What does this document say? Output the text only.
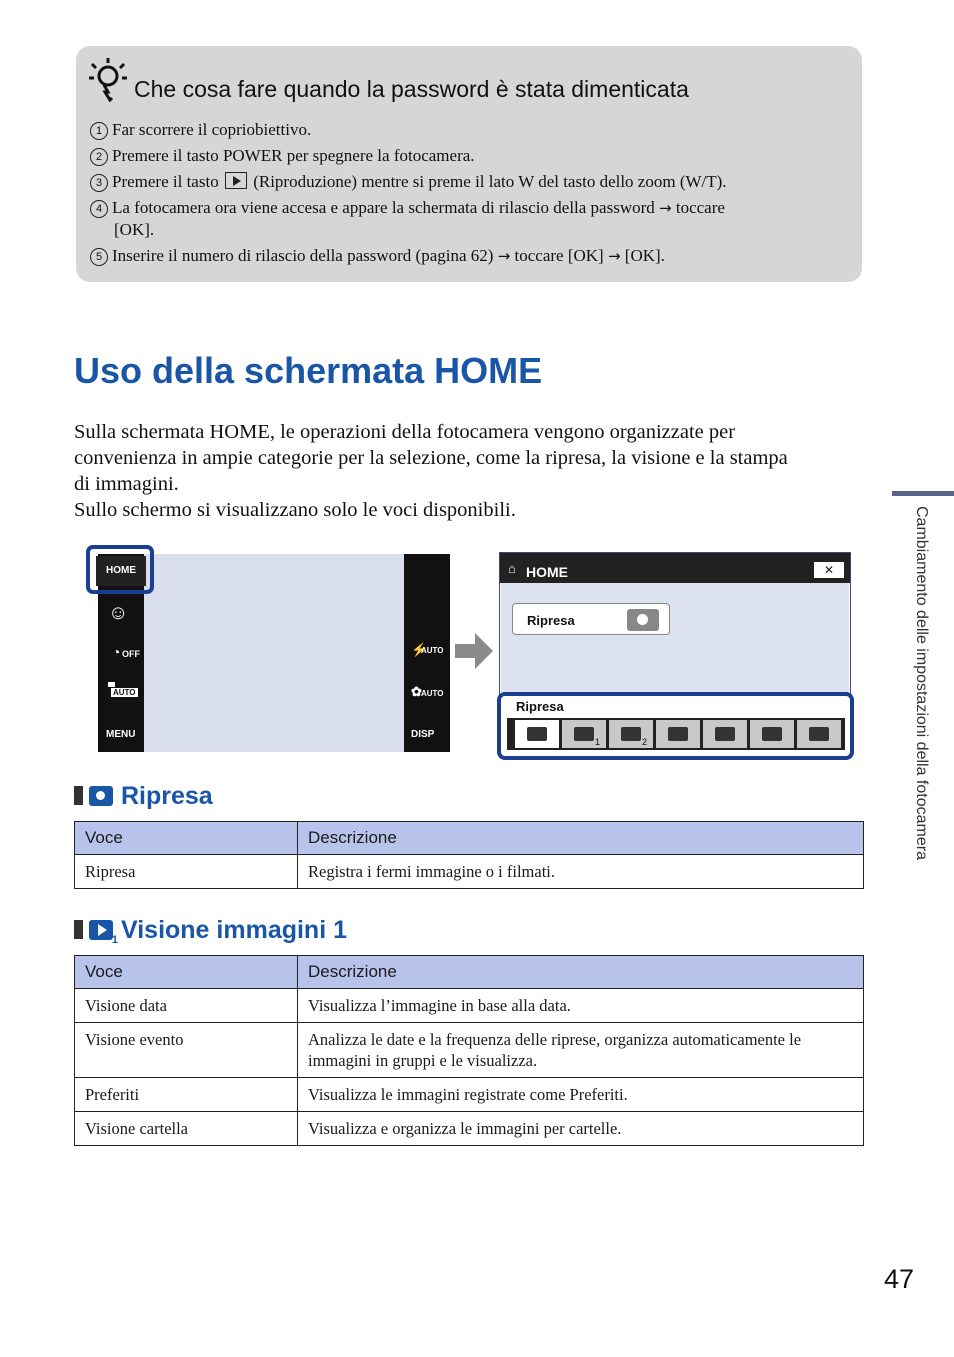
Che cosa fare quando la password è stata dimenticata
1 Far scorrere il copriobiettivo.
2 Premere il tasto POWER per spegnere la fotocamera.
3 Premere il tasto (Riproduzione) mentre si preme il lato W del tasto dello zoom (W/T).
4 La fotocamera ora viene accesa e appare la schermata di rilascio della password → toccare
[OK].
5 Inserire il numero di rilascio della password (pagina 62) → toccare [OK] → [OK].
Uso della schermata HOME
Sulla schermata HOME, le operazioni della fotocamera vengono organizzate per
convenienza in ampie categorie per la selezione, come la ripresa, la visione e la stampa
di immagini.
Sullo schermo si visualizzano solo le voci disponibili.	Cambiamento delle impostazioni della fotocamera
☺
◔ OFF
AUTO
MENU
⚡
AUTO
✿ AUTO
DISP
HOME	⌂ HOME	✕
Ripresa
Ripresa
1	2
Ripresa
Voce	Descrizione
Ripresa	Registra i fermi immagine o i filmati.
1 Visione immagini 1
Voce	Descrizione
Visione data	Visualizza l’immagine in base alla data.
Visione evento	Analizza le date e la frequenza delle riprese, organizza automaticamente le immagini in gruppi e le visualizza.
Preferiti	Visualizza le immagini registrate come Preferiti.
Visione cartella	Visualizza e organizza le immagini per cartelle.
47
